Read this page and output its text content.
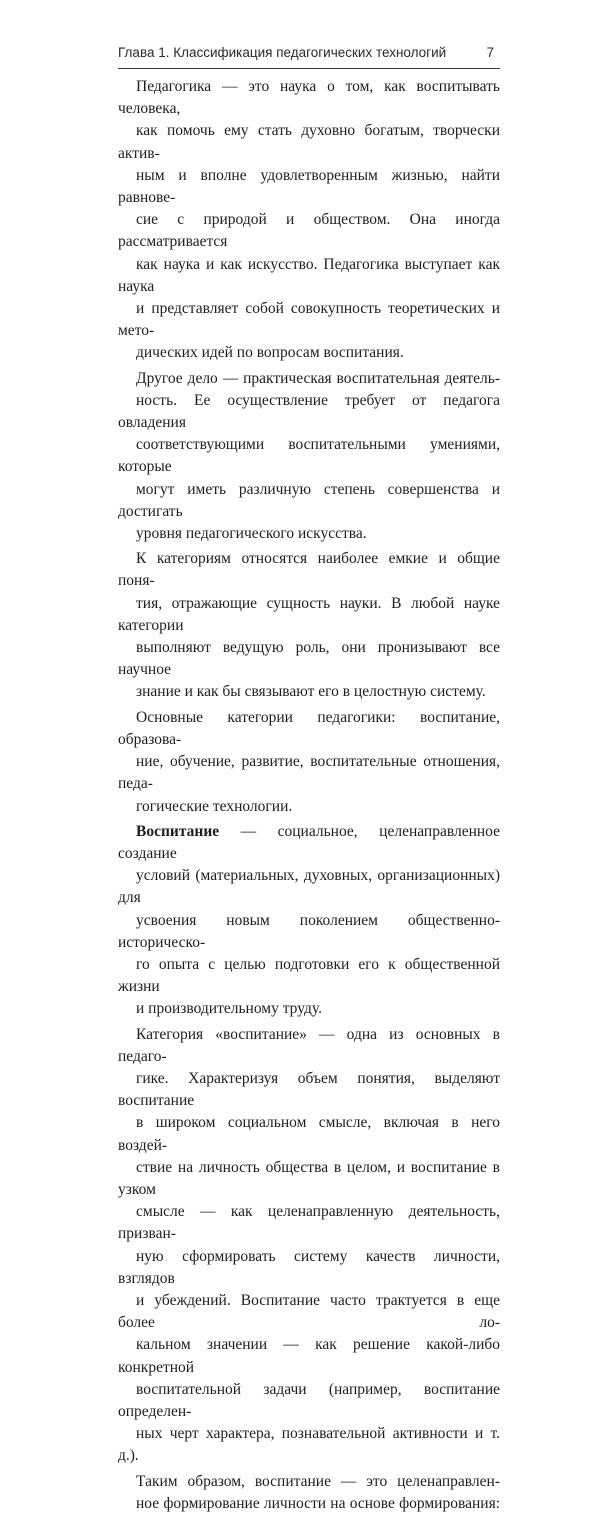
Глава 1. Классификация педагогических технологий	7

Педагогика — это наука о том, как воспитывать человека,
как помочь ему стать духовно богатым, творчески актив-
ным и вполне удовлетворенным жизнью, найти равнове-
сие с природой и обществом. Она иногда рассматривается
как наука и как искусство. Педагогика выступает как наука
и представляет собой совокупность теоретических и мето-
дических идей по вопросам воспитания.

Другое дело — практическая воспитательная деятель-
ность. Ее осуществление требует от педагога овладения
соответствующими воспитательными умениями, которые
могут иметь различную степень совершенства и достигать
уровня педагогического искусства.

К категориям относятся наиболее емкие и общие поня-
тия, отражающие сущность науки. В любой науке категории
выполняют ведущую роль, они пронизывают все научное
знание и как бы связывают его в целостную систему.

Основные категории педагогики: воспитание, образова-
ние, обучение, развитие, воспитательные отношения, педа-
гогические технологии.

Воспитание — социальное, целенаправленное создание
условий (материальных, духовных, организационных) для
усвоения новым поколением общественно-историческо-
го опыта с целью подготовки его к общественной жизни
и производительному труду.

Категория «воспитание» — одна из основных в педаго-
гике. Характеризуя объем понятия, выделяют воспитание
в широком социальном смысле, включая в него воздей-
ствие на личность общества в целом, и воспитание в узком
смысле — как целенаправленную деятельность, призван-
ную сформировать систему качеств личности, взглядов
и убеждений. Воспитание часто трактуется в еще более ло-
кальном значении — как решение какой-либо конкретной
воспитательной задачи (например, воспитание определен-
ных черт характера, познавательной активности и т. д.).

Таким образом, воспитание — это целенаправлен-
ное формирование личности на основе формирования:
